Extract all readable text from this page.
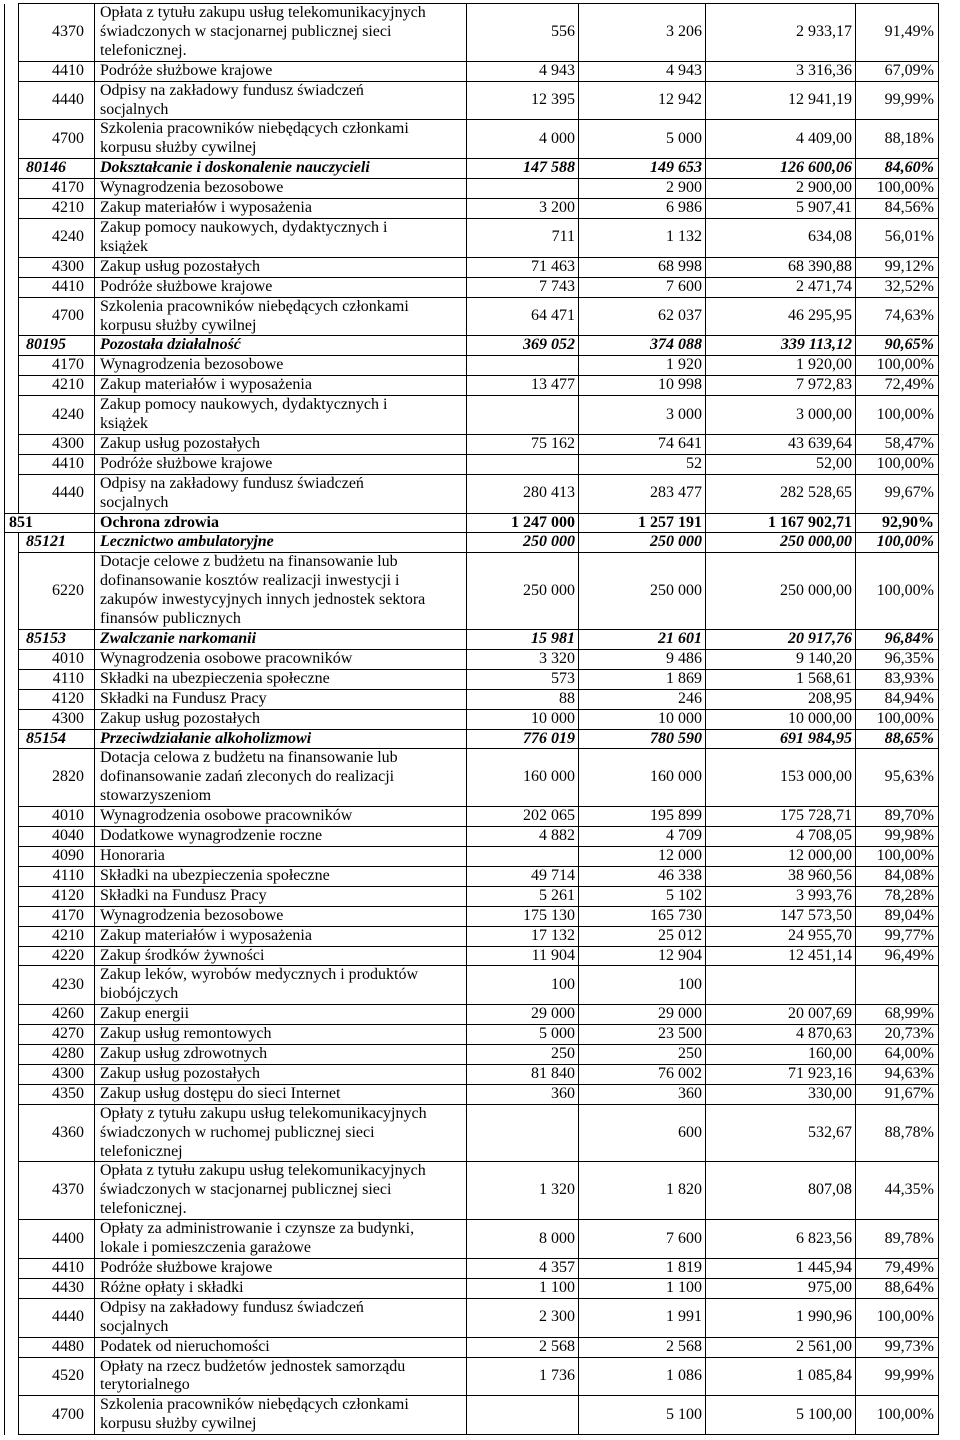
	4370	Opłata z tytułu zakupu usług telekomunikacyjnych
świadczonych w stacjonarnej publicznej sieci
telefonicznej.	556	3 206	2 933,17	91,49%
	4410	Podróże służbowe krajowe	4 943	4 943	3 316,36	67,09%
	4440	Odpisy na zakładowy fundusz świadczeń
socjalnych	12 395	12 942	12 941,19	99,99%
	4700	Szkolenia pracowników niebędących członkami
korpusu służby cywilnej	4 000	5 000	4 409,00	88,18%
	80146	Dokształcanie i doskonalenie nauczycieli	147 588	149 653	126 600,06	84,60%
	4170	Wynagrodzenia bezosobowe		2 900	2 900,00	100,00%
	4210	Zakup materiałów i wyposażenia	3 200	6 986	5 907,41	84,56%
	4240	Zakup pomocy naukowych, dydaktycznych i
książek	711	1 132	634,08	56,01%
	4300	Zakup usług pozostałych	71 463	68 998	68 390,88	99,12%
	4410	Podróże służbowe krajowe	7 743	7 600	2 471,74	32,52%
	4700	Szkolenia pracowników niebędących członkami
korpusu służby cywilnej	64 471	62 037	46 295,95	74,63%
	80195	Pozostała działalność	369 052	374 088	339 113,12	90,65%
	4170	Wynagrodzenia bezosobowe		1 920	1 920,00	100,00%
	4210	Zakup materiałów i wyposażenia	13 477	10 998	7 972,83	72,49%
	4240	Zakup pomocy naukowych, dydaktycznych i
książek		3 000	3 000,00	100,00%
	4300	Zakup usług pozostałych	75 162	74 641	43 639,64	58,47%
	4410	Podróże służbowe krajowe		52	52,00	100,00%
	4440	Odpisy na zakładowy fundusz świadczeń
socjalnych	280 413	283 477	282 528,65	99,67%
851		Ochrona zdrowia	1 247 000	1 257 191	1 167 902,71	92,90%
	85121	Lecznictwo ambulatoryjne	250 000	250 000	250 000,00	100,00%
	6220	Dotacje celowe z budżetu na finansowanie lub
dofinansowanie kosztów realizacji inwestycji i
zakupów inwestycyjnych innych jednostek sektora
finansów publicznych	250 000	250 000	250 000,00	100,00%
	85153	Zwalczanie narkomanii	15 981	21 601	20 917,76	96,84%
	4010	Wynagrodzenia osobowe pracowników	3 320	9 486	9 140,20	96,35%
	4110	Składki na ubezpieczenia społeczne	573	1 869	1 568,61	83,93%
	4120	Składki na Fundusz Pracy	88	246	208,95	84,94%
	4300	Zakup usług pozostałych	10 000	10 000	10 000,00	100,00%
	85154	Przeciwdziałanie alkoholizmowi	776 019	780 590	691 984,95	88,65%
	2820	Dotacja celowa z budżetu na finansowanie lub
dofinansowanie zadań zleconych do realizacji
stowarzyszeniom	160 000	160 000	153 000,00	95,63%
	4010	Wynagrodzenia osobowe pracowników	202 065	195 899	175 728,71	89,70%
	4040	Dodatkowe wynagrodzenie roczne	4 882	4 709	4 708,05	99,98%
	4090	Honoraria		12 000	12 000,00	100,00%
	4110	Składki na ubezpieczenia społeczne	49 714	46 338	38 960,56	84,08%
	4120	Składki na Fundusz Pracy	5 261	5 102	3 993,76	78,28%
	4170	Wynagrodzenia bezosobowe	175 130	165 730	147 573,50	89,04%
	4210	Zakup materiałów i wyposażenia	17 132	25 012	24 955,70	99,77%
	4220	Zakup środków żywności	11 904	12 904	12 451,14	96,49%
	4230	Zakup leków, wyrobów medycznych i produktów
biobójczych	100	100		
	4260	Zakup energii	29 000	29 000	20 007,69	68,99%
	4270	Zakup usług remontowych	5 000	23 500	4 870,63	20,73%
	4280	Zakup usług zdrowotnych	250	250	160,00	64,00%
	4300	Zakup usług pozostałych	81 840	76 002	71 923,16	94,63%
	4350	Zakup usług dostępu do sieci Internet	360	360	330,00	91,67%
	4360	Opłaty z tytułu zakupu usług telekomunikacyjnych
świadczonych w ruchomej publicznej sieci
telefonicznej		600	532,67	88,78%
	4370	Opłata z tytułu zakupu usług telekomunikacyjnych
świadczonych w stacjonarnej publicznej sieci
telefonicznej.	1 320	1 820	807,08	44,35%
	4400	Opłaty za administrowanie i czynsze za budynki,
lokale i pomieszczenia garażowe	8 000	7 600	6 823,56	89,78%
	4410	Podróże służbowe krajowe	4 357	1 819	1 445,94	79,49%
	4430	Różne opłaty i składki	1 100	1 100	975,00	88,64%
	4440	Odpisy na zakładowy fundusz świadczeń
socjalnych	2 300	1 991	1 990,96	100,00%
	4480	Podatek od nieruchomości	2 568	2 568	2 561,00	99,73%
	4520	Opłaty na rzecz budżetów jednostek samorządu
terytorialnego	1 736	1 086	1 085,84	99,99%
	4700	Szkolenia pracowników niebędących członkami
korpusu służby cywilnej		5 100	5 100,00	100,00%
